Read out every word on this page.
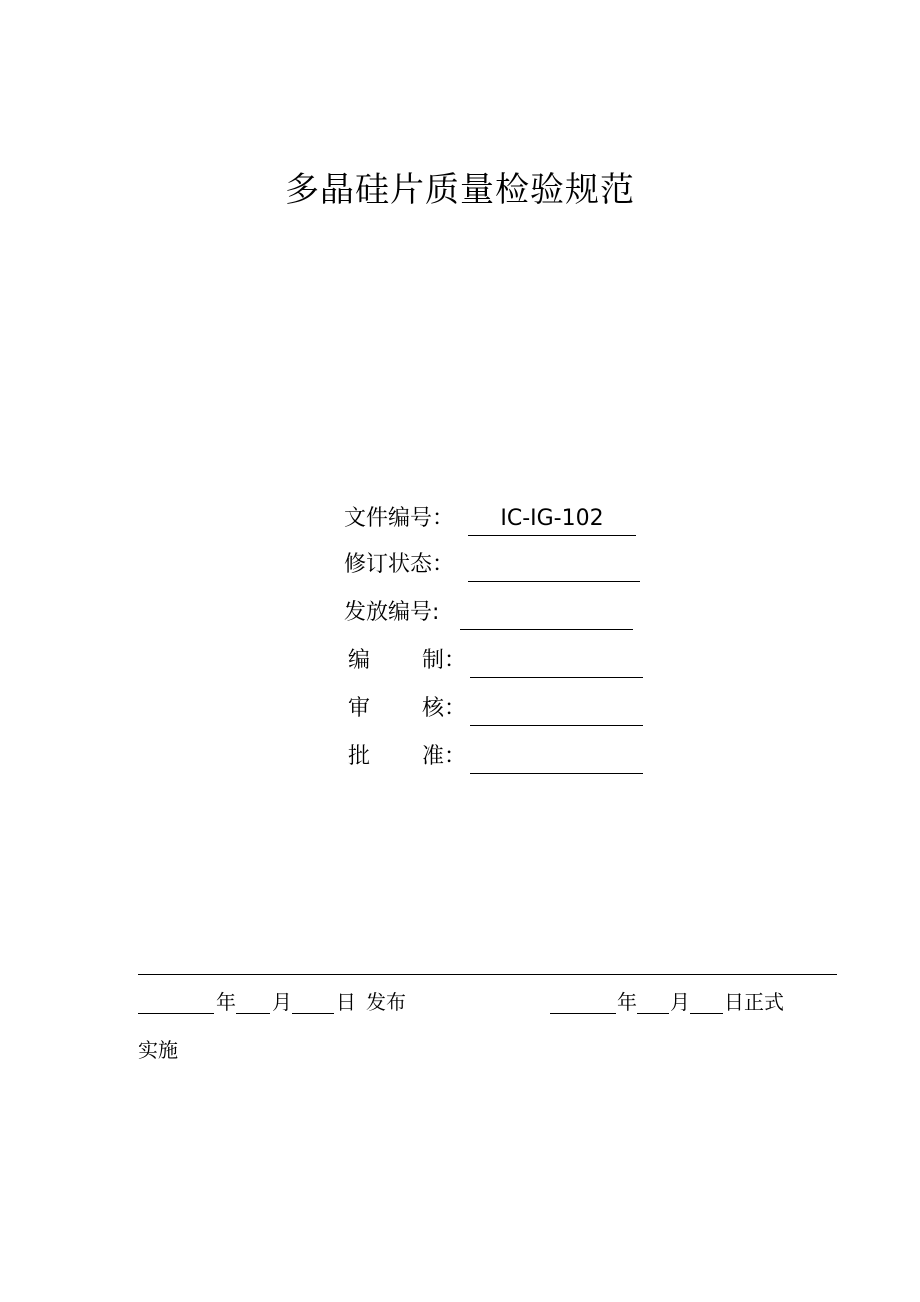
多晶硅片质量检验规范
文件编号：	IC-IG-102
修订状态：
发放编号:
编 制：
审 核：
批 准：
年 月 日 发布	年 月 日正式
实施
